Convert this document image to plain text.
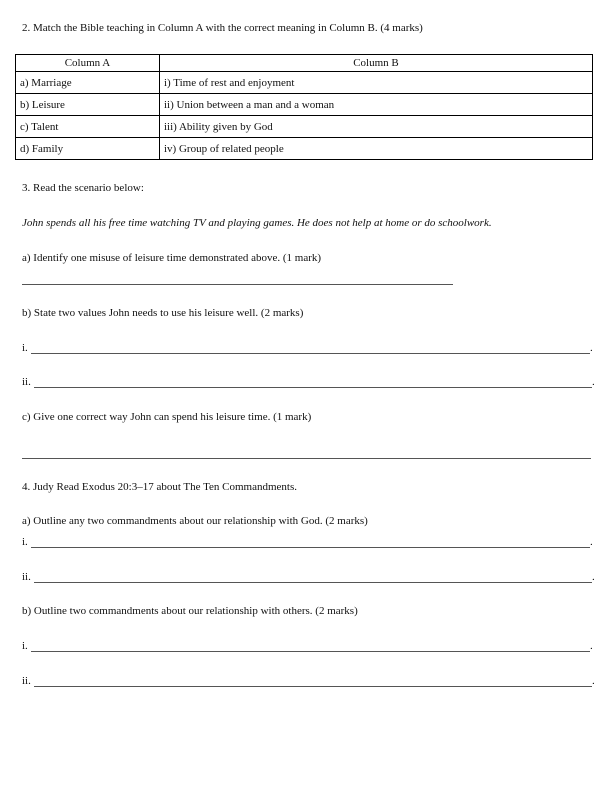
2. Match the Bible teaching in Column A with the correct meaning in Column B. (4 marks)
Column A	Column B
a) Marriage	i) Time of rest and enjoyment
b) Leisure	ii) Union between a man and a woman
c) Talent	iii) Ability given by God
d) Family	iv) Group of related people
3. Read the scenario below:
John spends all his free time watching TV and playing games. He does not help at home or do schoolwork.
a) Identify one misuse of leisure time demonstrated above. (1 mark)
b) State two values John needs to use his leisure well. (2 marks)
i.	.
ii.	.
c) Give one correct way John can spend his leisure time. (1 mark)
4. Judy Read Exodus 20:3–17 about The Ten Commandments.
a) Outline any two commandments about our relationship with God. (2 marks)
i.	.
ii.	.
b) Outline two commandments about our relationship with others. (2 marks)
i.	.
ii.	.
